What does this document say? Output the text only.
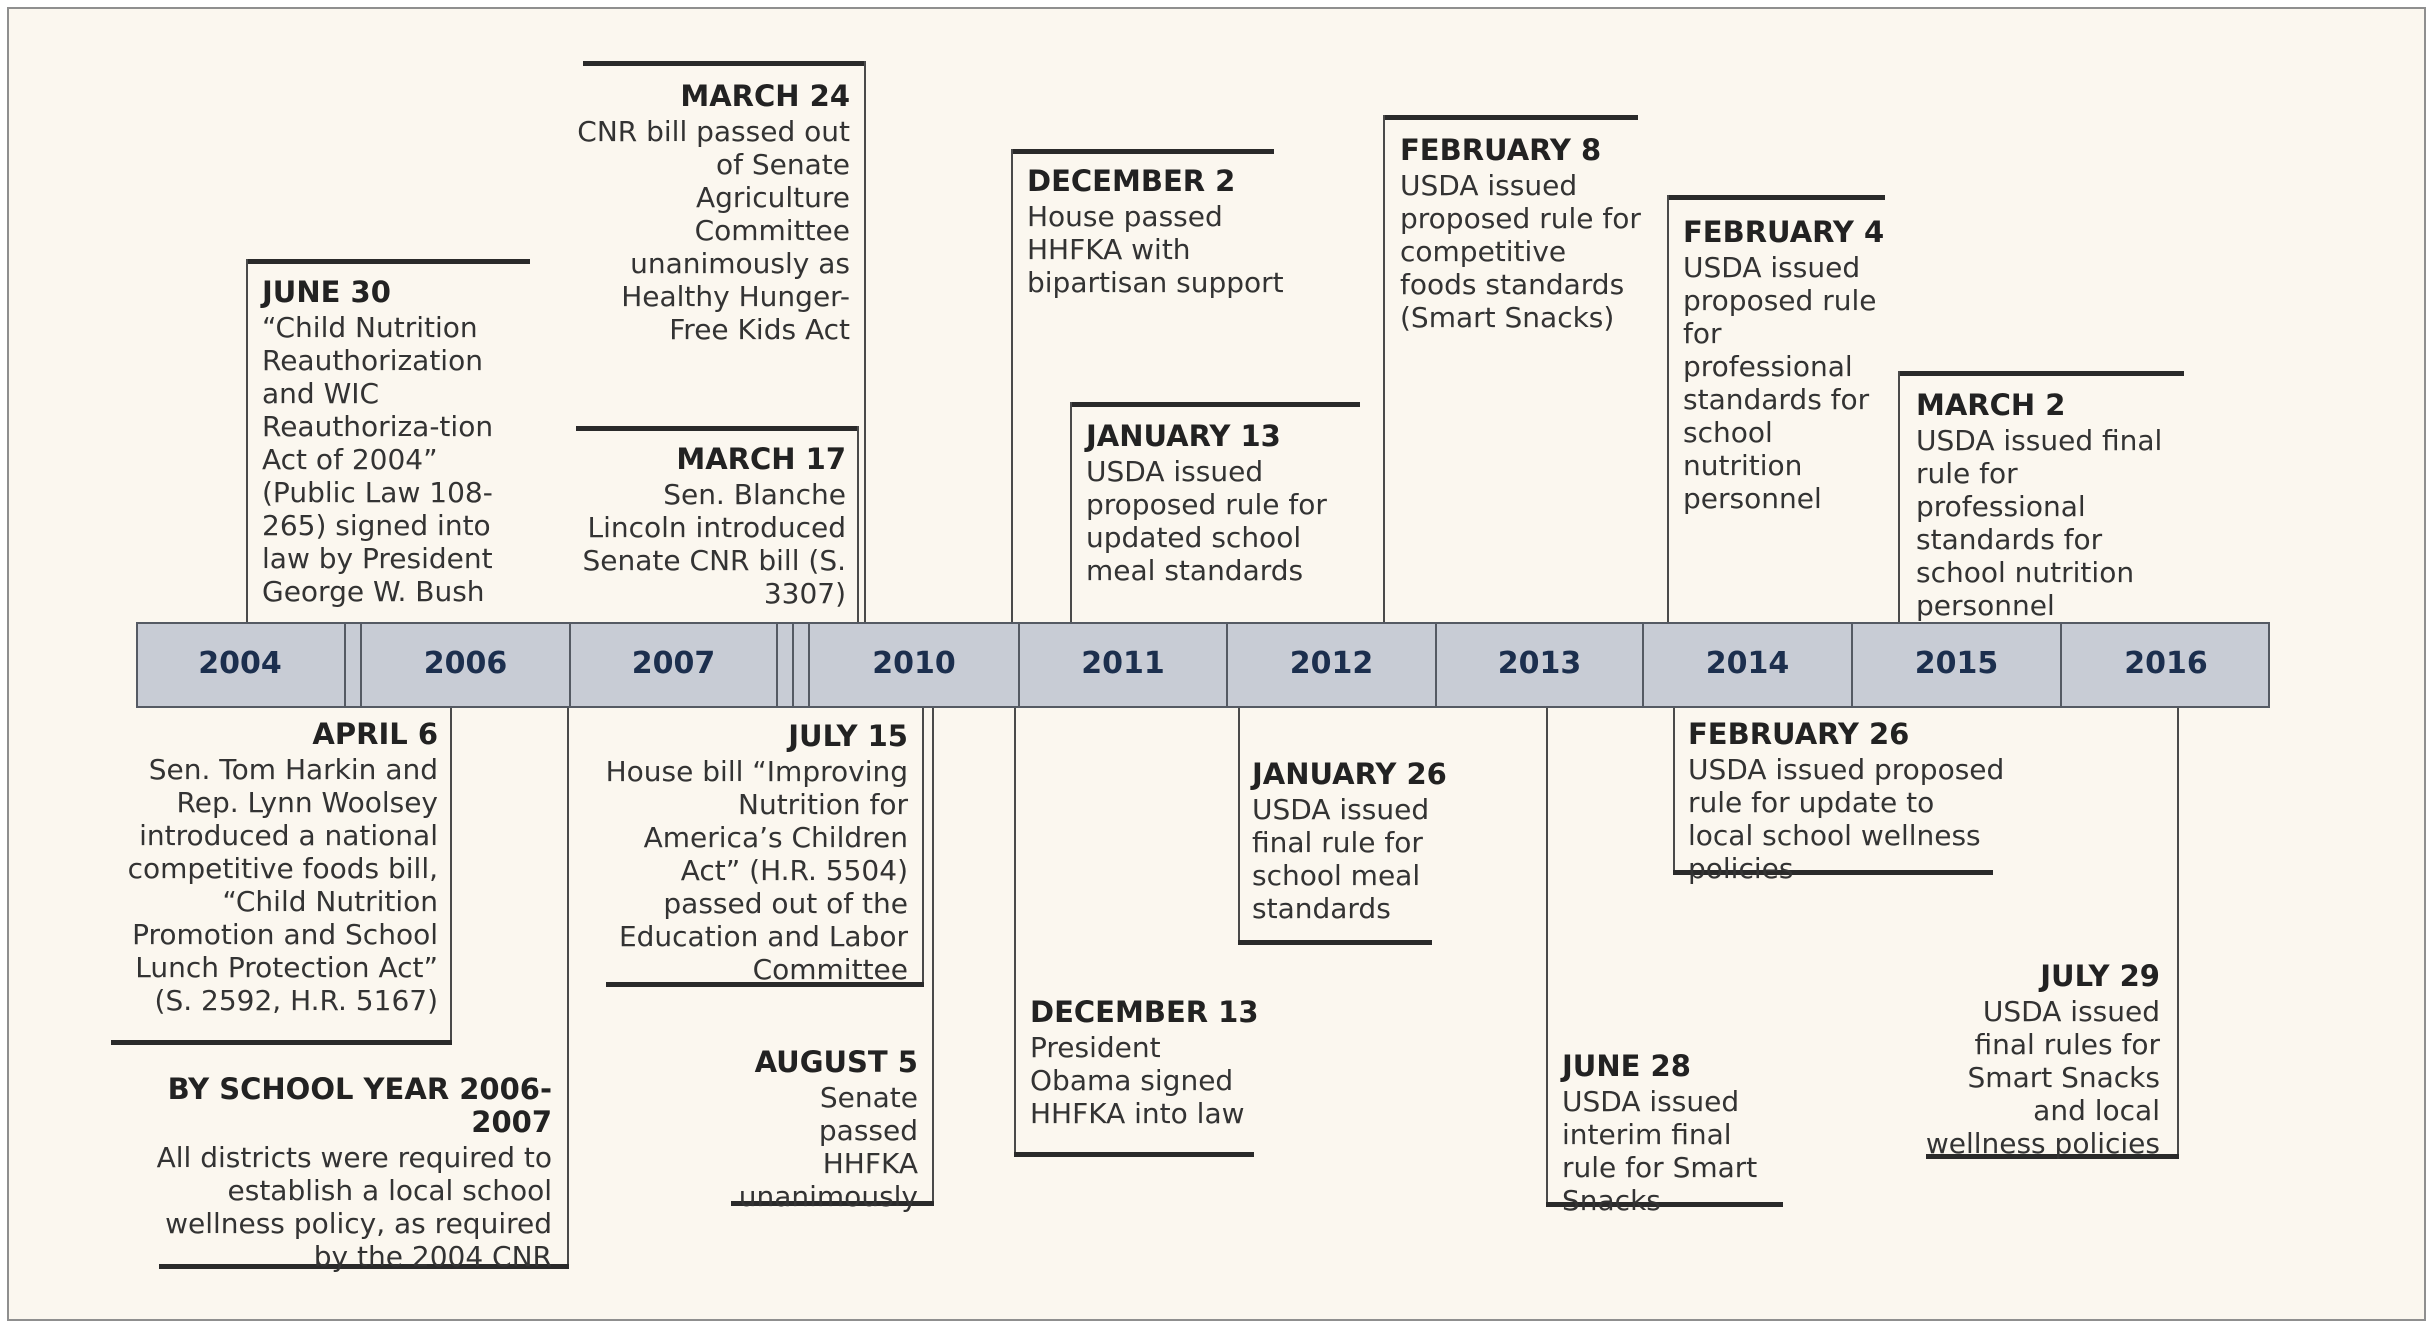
2004	2006	2007	2010	2011	2012	2013	2014	2015	2016
JUNE 30
“Child Nutrition Reauthorization and WIC Reauthoriza-tion Act of 2004” (Public Law 108-265) signed into law by President George W. Bush
MARCH 24
CNR bill passed out of Senate Agriculture Committee unanimously as Healthy Hunger-Free Kids Act
MARCH 17
Sen. Blanche Lincoln introduced Senate CNR bill (S. 3307)
DECEMBER 2
House passed HHFKA with bipartisan support
JANUARY 13
USDA issued proposed rule for updated school meal standards
FEBRUARY 8
USDA issued proposed rule for competitive foods standards (Smart Snacks)
FEBRUARY 4
USDA issued proposed rule for professional standards for school nutrition personnel
MARCH 2
USDA issued final rule for professional standards for school nutrition personnel
APRIL 6
Sen. Tom Harkin and Rep. Lynn Woolsey introduced a national competitive foods bill, “Child Nutrition Promotion and School Lunch Protection Act” (S. 2592, H.R. 5167)
BY SCHOOL YEAR 2006-2007
All districts were required to establish a local school wellness policy, as required by the 2004 CNR
JULY 15
House bill “Improving Nutrition for America’s Children Act” (H.R. 5504) passed out of the Education and Labor Committee
AUGUST 5
Senate passed HHFKA unanimously
DECEMBER 13
President Obama signed HHFKA into law
JANUARY 26
USDA issued final rule for school meal standards
JUNE 28
USDA issued interim final rule for Smart Snacks
FEBRUARY 26
USDA issued proposed rule for update to local school wellness policies
JULY 29
USDA issued final rules for Smart Snacks and local wellness policies
